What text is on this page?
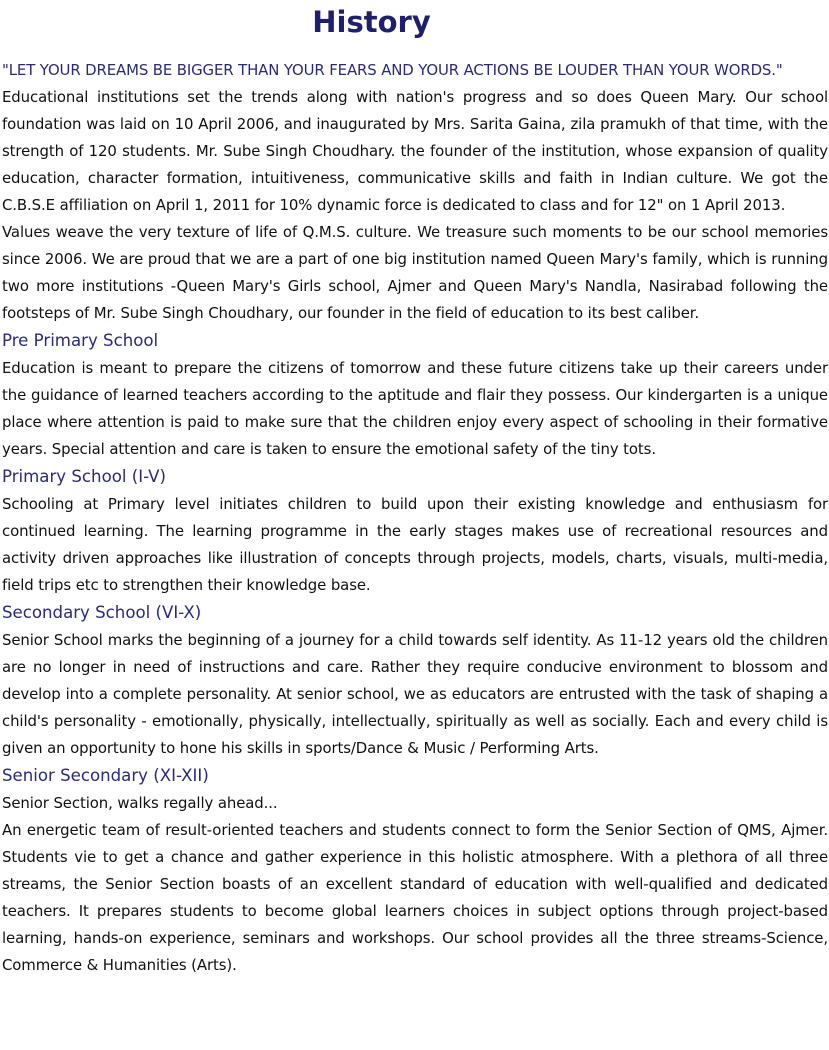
History

"LET YOUR DREAMS BE BIGGER THAN YOUR FEARS AND YOUR ACTIONS BE LOUDER THAN YOUR WORDS."

Educational institutions set the trends along with nation's progress and so does Queen Mary. Our school foundation was laid on 10 April 2006, and inaugurated by Mrs. Sarita Gaina, zila pramukh of that time, with the strength of 120 students. Mr. Sube Singh Choudhary. the founder of the institution, whose expansion of quality education, character formation, intuitiveness, communicative skills and faith in Indian culture. We got the C.B.S.E affiliation on April 1, 2011 for 10% dynamic force is dedicated to class and for 12" on 1 April 2013.

Values weave the very texture of life of Q.M.S. culture. We treasure such moments to be our school memories since 2006. We are proud that we are a part of one big institution named Queen Mary's family, which is running two more institutions -Queen Mary's Girls school, Ajmer and Queen Mary's Nandla, Nasirabad following the footsteps of Mr. Sube Singh Choudhary, our founder in the field of education to its best caliber.

Pre Primary School

Education is meant to prepare the citizens of tomorrow and these future citizens take up their careers under the guidance of learned teachers according to the aptitude and flair they possess. Our kindergarten is a unique place where attention is paid to make sure that the children enjoy every aspect of schooling in their formative years. Special attention and care is taken to ensure the emotional safety of the tiny tots.

Primary School (I-V)

Schooling at Primary level initiates children to build upon their existing knowledge and enthusiasm for continued learning. The learning programme in the early stages makes use of recreational resources and activity driven approaches like illustration of concepts through projects, models, charts, visuals, multi-media, field trips etc to strengthen their knowledge base.

Secondary School (VI-X)

Senior School marks the beginning of a journey for a child towards self identity. As 11-12 years old the children are no longer in need of instructions and care. Rather they require conducive environment to blossom and develop into a complete personality. At senior school, we as educators are entrusted with the task of shaping a child's personality - emotionally, physically, intellectually, spiritually as well as socially. Each and every child is given an opportunity to hone his skills in sports/Dance & Music / Performing Arts.

Senior Secondary (XI-XII)

Senior Section, walks regally ahead...

An energetic team of result-oriented teachers and students connect to form the Senior Section of QMS, Ajmer. Students vie to get a chance and gather experience in this holistic atmosphere. With a plethora of all three streams, the Senior Section boasts of an excellent standard of education with well-qualified and dedicated teachers. It prepares students to become global learners choices in subject options through project-based learning, hands-on experience, seminars and workshops. Our school provides all the three streams-Science, Commerce & Humanities (Arts).
